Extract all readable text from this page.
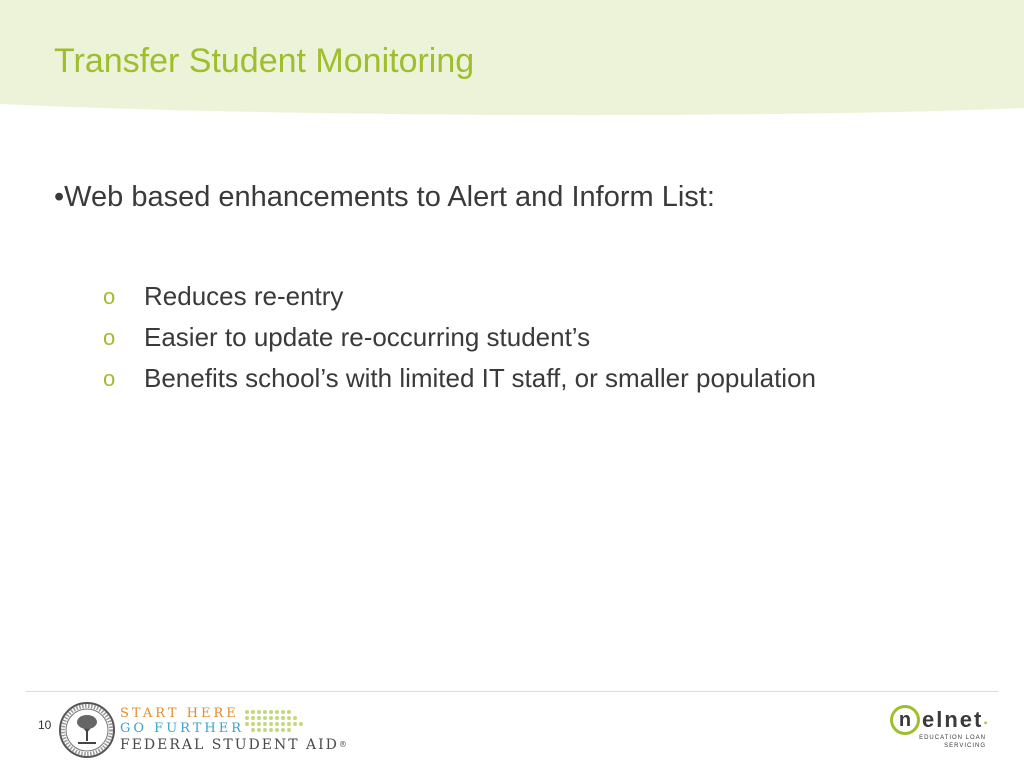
Transfer Student Monitoring
•Web based enhancements to Alert and Inform List:
o	Reduces re-entry
o	Easier to update re-occurring student’s
o	Benefits school’s with limited IT staff, or smaller population
10
START HERE
GO FURTHER
FEDERAL STUDENT AID®
n elnet .
EDUCATION LOAN
SERVICING
